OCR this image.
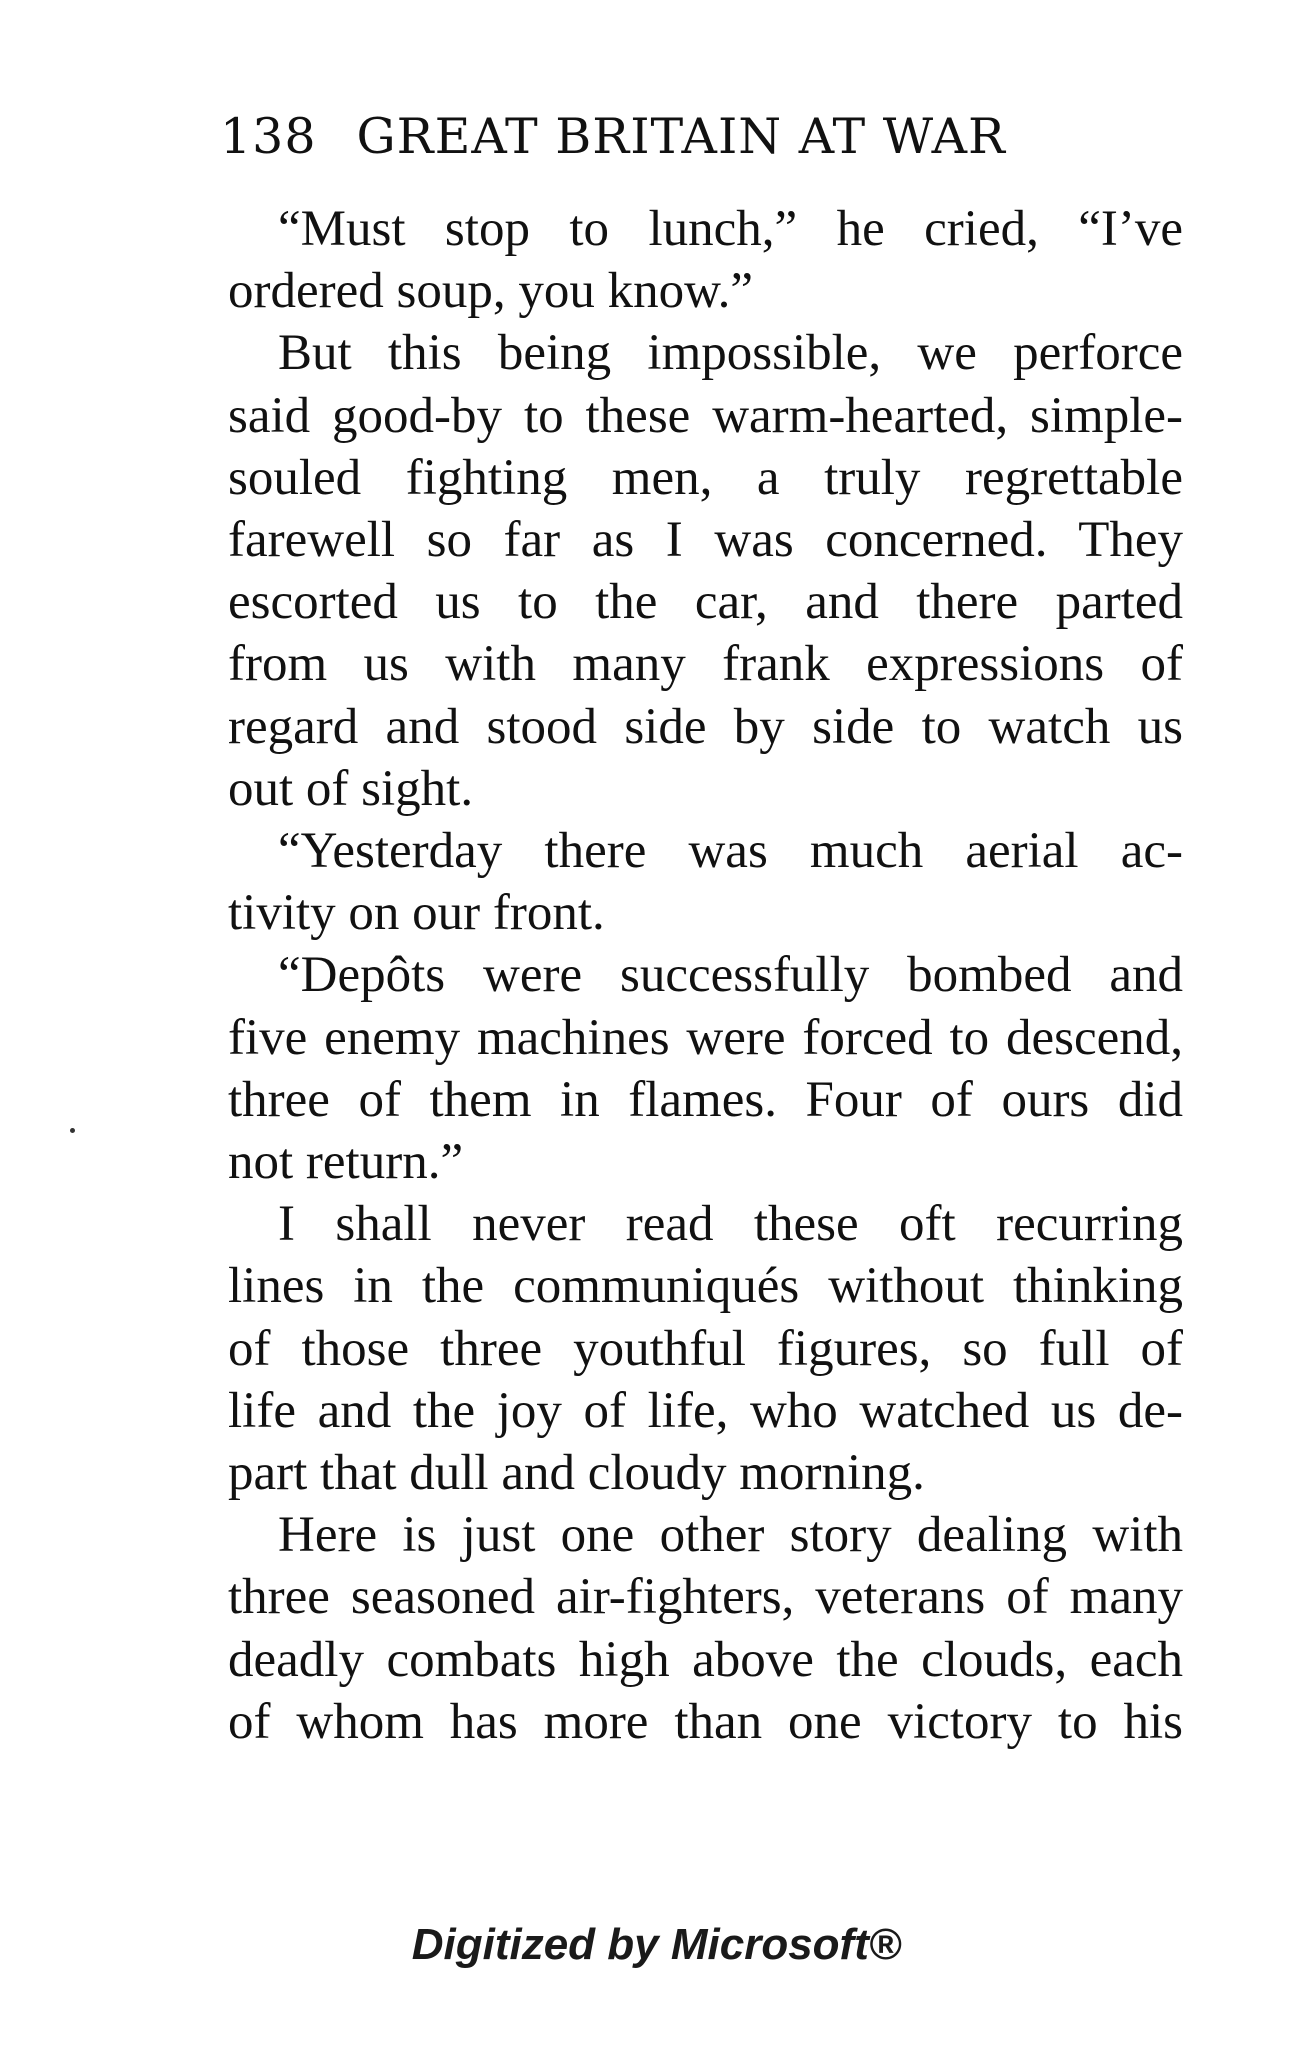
138 GREAT BRITAIN AT WAR

“Must stop to lunch,” he cried, “I’ve
ordered soup, you know.”

But this being impossible, we perforce
said good-by to these warm-hearted, simple-
souled fighting men, a truly regrettable
farewell so far as I was concerned. They
escorted us to the car, and there parted
from us with many frank expressions of
regard and stood side by side to watch us
out of sight.

“Yesterday there was much aerial ac-
tivity on our front.

“Depôts were successfully bombed and
five enemy machines were forced to descend,
three of them in flames. Four of ours did
not return.”

I shall never read these oft recurring
lines in the communiqués without thinking
of those three youthful figures, so full of
life and the joy of life, who watched us de-
part that dull and cloudy morning.

Here is just one other story dealing with
three seasoned air-fighters, veterans of many
deadly combats high above the clouds, each
of whom has more than one victory to his

Digitized by Microsoft®
